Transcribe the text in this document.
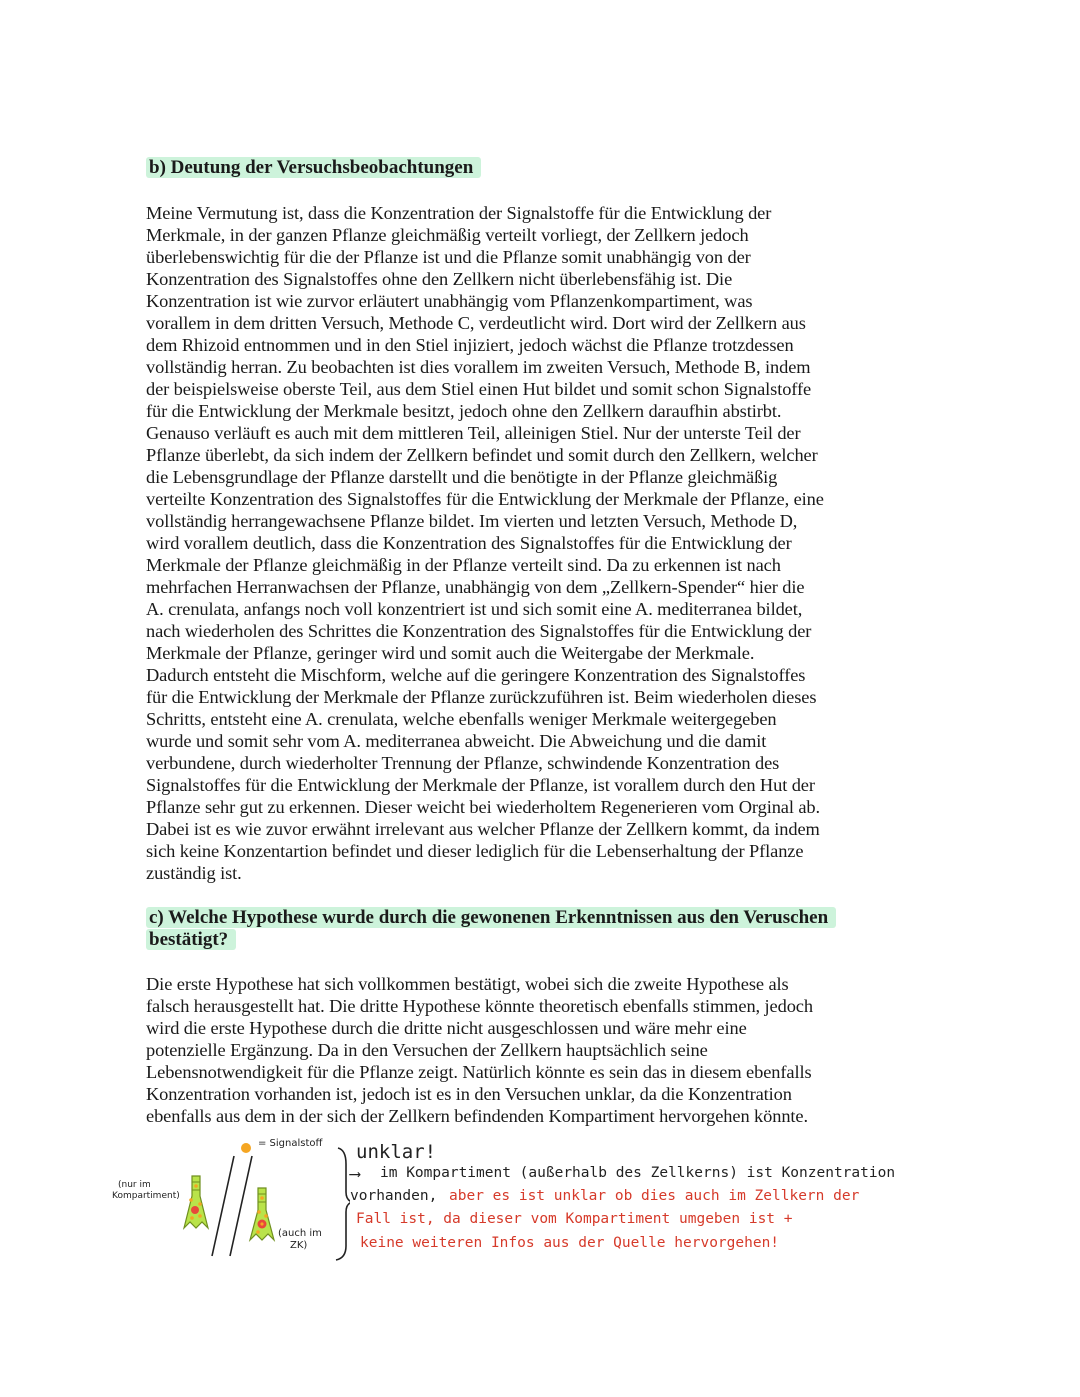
b) Deutung der Versuchsbeobachtungen

Meine Vermutung ist, dass die Konzentration der Signalstoffe für die Entwicklung der
Merkmale, in der ganzen Pflanze gleichmäßig verteilt vorliegt, der Zellkern jedoch
überlebenswichtig für die der Pflanze ist und die Pflanze somit unabhängig von der
Konzentration des Signalstoffes ohne den Zellkern nicht überlebensfähig ist. Die
Konzentration ist wie zurvor erläutert unabhängig vom Pflanzenkompartiment, was
vorallem in dem dritten Versuch, Methode C, verdeutlicht wird. Dort wird der Zellkern aus
dem Rhizoid entnommen und in den Stiel injiziert, jedoch wächst die Pflanze trotzdessen
vollständig herran. Zu beobachten ist dies vorallem im zweiten Versuch, Methode B, indem
der beispielsweise oberste Teil, aus dem Stiel einen Hut bildet und somit schon Signalstoffe
für die Entwicklung der Merkmale besitzt, jedoch ohne den Zellkern daraufhin abstirbt.
Genauso verläuft es auch mit dem mittleren Teil, alleinigen Stiel. Nur der unterste Teil der
Pflanze überlebt, da sich indem der Zellkern befindet und somit durch den Zellkern, welcher
die Lebensgrundlage der Pflanze darstellt und die benötigte in der Pflanze gleichmäßig
verteilte Konzentration des Signalstoffes für die Entwicklung der Merkmale der Pflanze, eine
vollständig herrangewachsene Pflanze bildet. Im vierten und letzten Versuch, Methode D,
wird vorallem deutlich, dass die Konzentration des Signalstoffes für die Entwicklung der
Merkmale der Pflanze gleichmäßig in der Pflanze verteilt sind. Da zu erkennen ist nach
mehrfachen Herranwachsen der Pflanze, unabhängig von dem „Zellkern-Spender“ hier die
A. crenulata, anfangs noch voll konzentriert ist und sich somit eine A. mediterranea bildet,
nach wiederholen des Schrittes die Konzentration des Signalstoffes für die Entwicklung der
Merkmale der Pflanze, geringer wird und somit auch die Weitergabe der Merkmale.
Dadurch entsteht die Mischform, welche auf die geringere Konzentration des Signalstoffes
für die Entwicklung der Merkmale der Pflanze zurückzuführen ist. Beim wiederholen dieses
Schritts, entsteht eine A. crenulata, welche ebenfalls weniger Merkmale weitergegeben
wurde und somit sehr vom A. mediterranea abweicht. Die Abweichung und die damit
verbundene, durch wiederholter Trennung der Pflanze, schwindende Konzentration des
Signalstoffes für die Entwicklung der Merkmale der Pflanze, ist vorallem durch den Hut der
Pflanze sehr gut zu erkennen. Dieser weicht bei wiederholtem Regenerieren vom Orginal ab.
Dabei ist es wie zuvor erwähnt irrelevant aus welcher Pflanze der Zellkern kommt, da indem
sich keine Konzentartion befindet und dieser lediglich für die Lebenserhaltung der Pflanze
zuständig ist.

c) Welche Hypothese wurde durch die gewonenen Erkenntnissen aus den Veruschen bestätigt?

Die erste Hypothese hat sich vollkommen bestätigt, wobei sich die zweite Hypothese als
falsch herausgestellt hat. Die dritte Hypothese könnte theoretisch ebenfalls stimmen, jedoch
wird die erste Hypothese durch die dritte nicht ausgeschlossen und wäre mehr eine
potenzielle Ergänzung. Da in den Versuchen der Zellkern hauptsächlich seine
Lebensnotwendigkeit für die Pflanze zeigt. Natürlich könnte es sein das in diesem ebenfalls
Konzentration vorhanden ist, jedoch ist es in den Versuchen unklar, da die Konzentration
ebenfalls aus dem in der sich der Zellkern befindenden Kompartiment hervorgehen könnte.

= Signalstoff
(nur im
Kompartiment)
(auch im
ZK)
unklar!
⟶ im Kompartiment (außerhalb des Zellkerns) ist Konzentration
vorhanden, aber es ist unklar ob dies auch im Zellkern der
Fall ist, da dieser vom Kompartiment umgeben ist +
keine weiteren Infos aus der Quelle hervorgehen!
